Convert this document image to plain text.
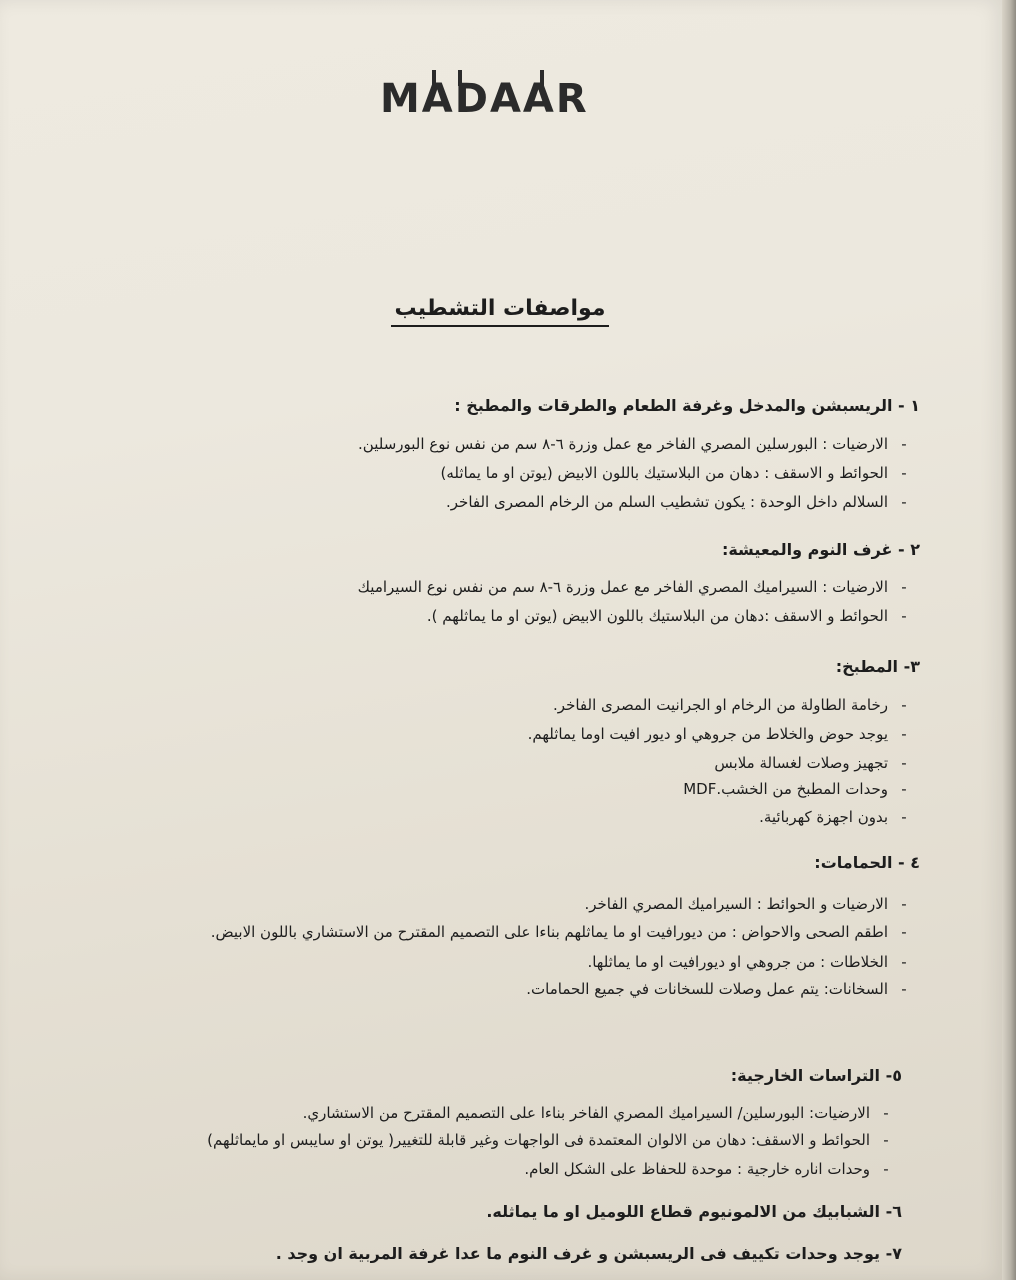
MADAAR
مواصفات التشطيب
١ - الريسبشن والمدخل وغرفة الطعام والطرقات والمطبخ :
-الارضيات : البورسلين المصري الفاخر مع عمل وزرة ٦-٨ سم من نفس نوع البورسلين.
-الحوائط و الاسقف : دهان من البلاستيك باللون الابيض (يوتن او ما يماثله)
-السلالم داخل الوحدة : يكون تشطيب السلم من الرخام المصرى الفاخر.
٢ - غرف النوم والمعيشة:
-الارضيات : السيراميك المصري الفاخر مع عمل وزرة ٦-٨ سم من نفس نوع السيراميك
-الحوائط و الاسقف :دهان من البلاستيك باللون الابيض (يوتن او ما يماثلهم ).
٣- المطبخ:
-رخامة الطاولة من الرخام او الجرانيت المصرى الفاخر.
-يوجد حوض والخلاط من جروهي او ديور افيت اوما يماثلهم.
-تجهيز وصلات لغسالة ملابس
-وحدات المطبخ من الخشب.MDF
-بدون اجهزة كهربائية.
٤ - الحمامات:
-الارضيات و الحوائط : السيراميك المصري الفاخر.
-اطقم الصحى والاحواض : من ديورافيت او ما يماثلهم بناءا على التصميم المقترح من الاستشاري باللون الابيض.
-الخلاطات : من جروهي او ديورافيت او ما يماثلها.
-السخانات: يتم عمل وصلات للسخانات في جميع الحمامات.
٥- التراسات الخارجية:
-الارضيات: البورسلين/ السيراميك المصري الفاخر بناءا على التصميم المقترح من الاستشاري.
-الحوائط و الاسقف: دهان من الالوان المعتمدة فى الواجهات وغير قابلة للتغيير( يوتن او سايبس او مايماثلهم)
-وحدات اناره خارجية : موحدة للحفاظ على الشكل العام.
٦- الشبابيك من الالمونيوم قطاع اللوميل او ما يماثله.
٧- يوجد وحدات تكييف فى الريسبشن و غرف النوم ما عدا غرفة المربية ان وجد .
